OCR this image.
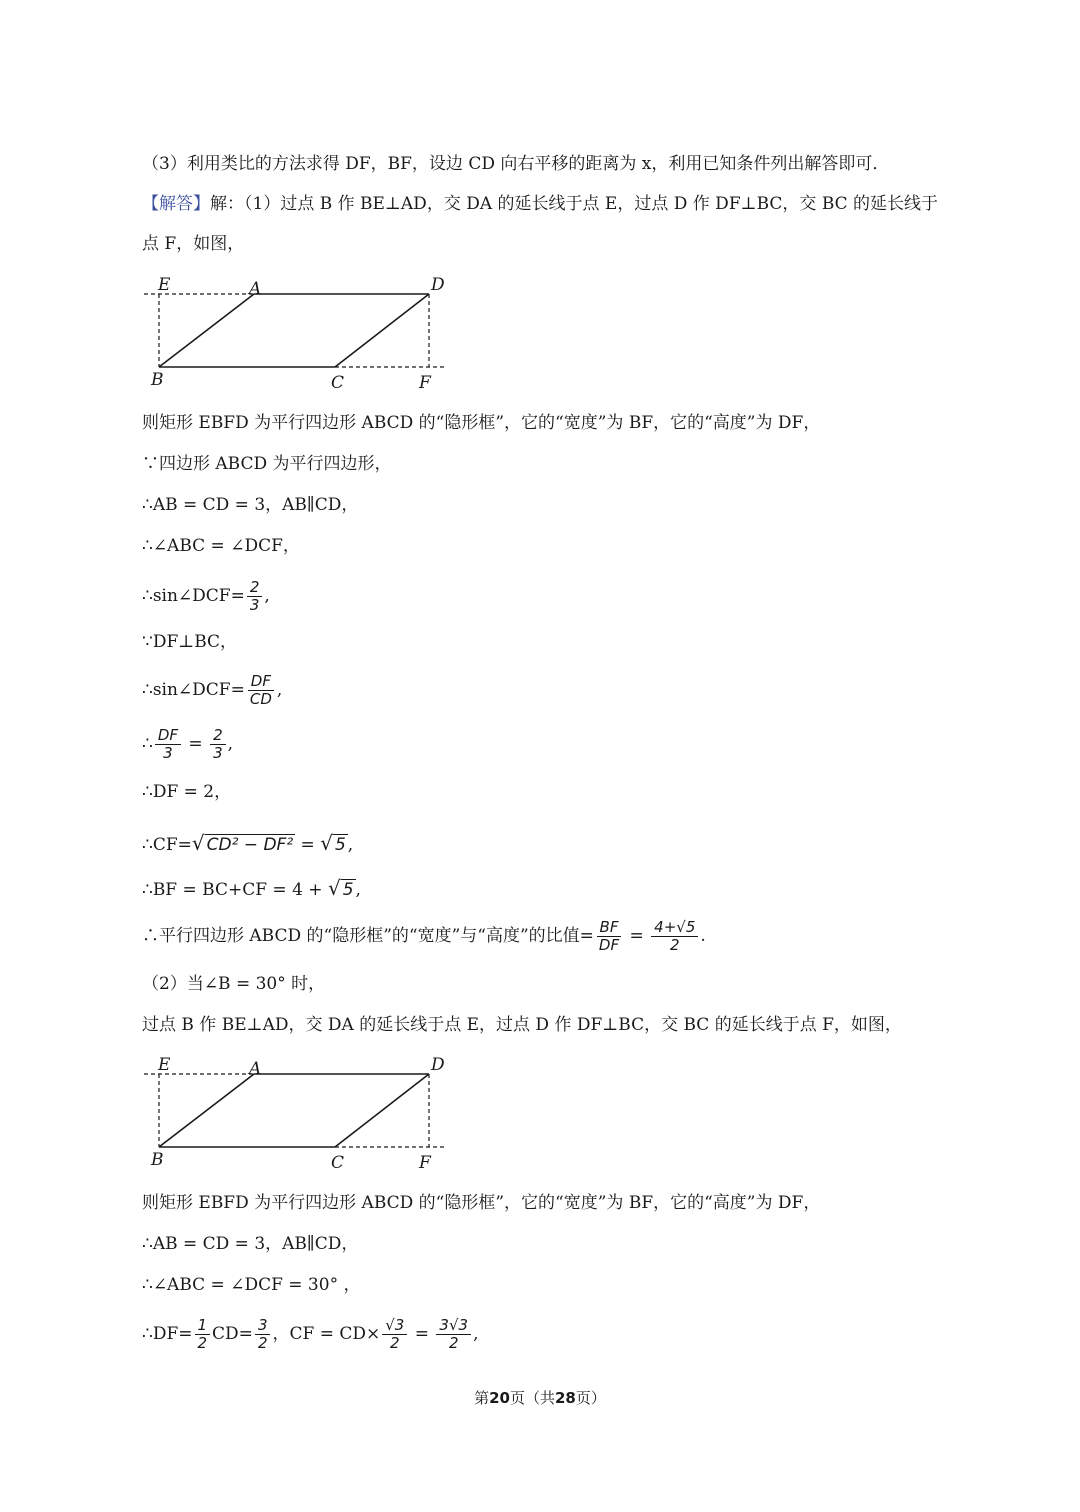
（3）利用类比的方法求得 DF，BF，设边 CD 向右平移的距离为 x，利用已知条件列出解答即可．
【解答】解：（1）过点 B 作 BE⊥AD，交 DA 的延长线于点 E，过点 D 作 DF⊥BC，交 BC 的延长线于
点 F，如图，
E	A	D
B	C	F
则矩形 EBFD 为平行四边形 ABCD 的“隐形框”，它的“宽度”为 BF，它的“高度”为 DF，
∵四边形 ABCD 为平行四边形，
∴AB = CD = 3，AB∥CD，
∴∠ABC = ∠DCF，
∴sin∠DCF= $\frac{2}{3}$ ,
∵DF⊥BC，
∴sin∠DCF= $\frac{DF}{CD}$ ,
∴ $\frac{DF}{3} = \frac{2}{3}$ ,
∴DF = 2，
∴CF=√ CD² − DF² = √ 5 ,
∴BF = BC+CF = 4 + √ 5 ,
∴平行四边形 ABCD 的“隐形框”的“宽度”与“高度”的比值= $\frac{BF}{DF} = \frac{4+√5}{2}$ .
（2）当∠B = 30° 时，
过点 B 作 BE⊥AD，交 DA 的延长线于点 E，过点 D 作 DF⊥BC，交 BC 的延长线于点 F，如图，
E	A	D
B	C	F
则矩形 EBFD 为平行四边形 ABCD 的“隐形框”，它的“宽度”为 BF，它的“高度”为 DF，
∴AB = CD = 3，AB∥CD，
∴∠ABC = ∠DCF = 30° ，
∴DF= $\frac{1}{2} CD= \frac{3}{2}$ ，CF = $CD\times \frac{√3}{2} = \frac{3√3}{2}$ ,
第20页（共28页）
